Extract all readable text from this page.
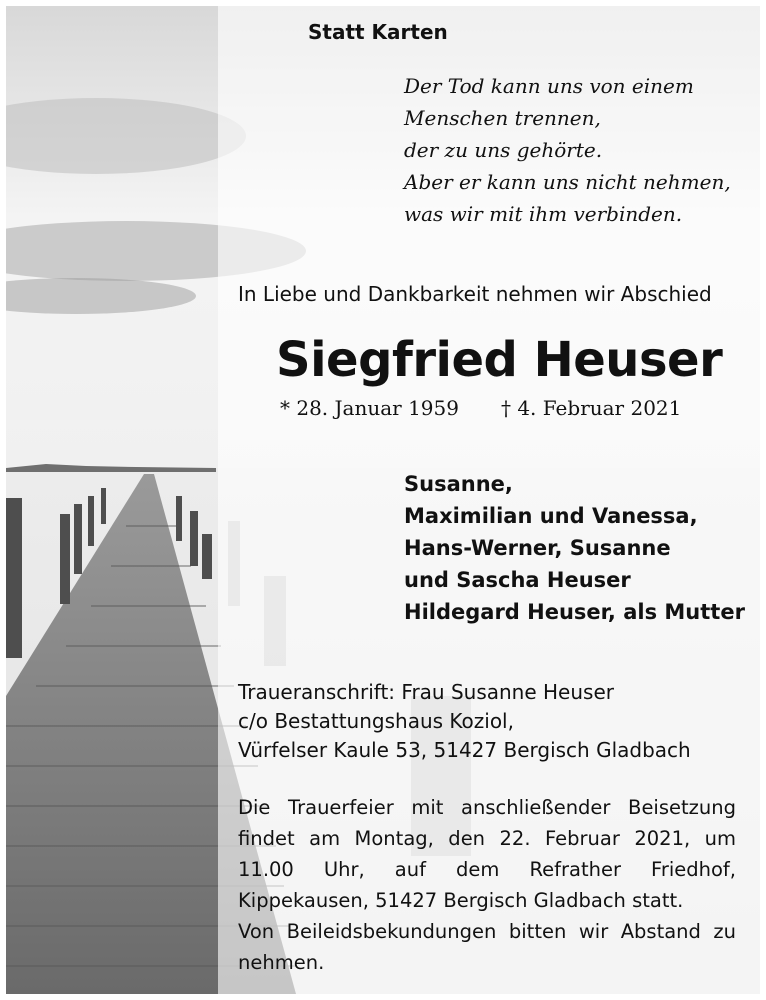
Statt Karten
Der Tod kann uns von einem
Menschen trennen,
der zu uns gehörte.
Aber er kann uns nicht nehmen,
was wir mit ihm verbinden.
In Liebe und Dankbarkeit nehmen wir Abschied
Siegfried Heuser
* 28. Januar 1959 † 4. Februar 2021
Susanne,
Maximilian und Vanessa,
Hans-Werner, Susanne
und Sascha Heuser
Hildegard Heuser, als Mutter
Traueranschrift: Frau Susanne Heuser
c/o Bestattungshaus Koziol,
Vürfelser Kaule 53, 51427 Bergisch Gladbach

Die Trauerfeier mit anschließender Beisetzung findet am Montag, den 22. Februar 2021, um 11.00 Uhr, auf dem Refrather Friedhof, Kippekausen, 51427 Bergisch Gladbach statt.

Von Beileidsbekundungen bitten wir Abstand zu nehmen.
